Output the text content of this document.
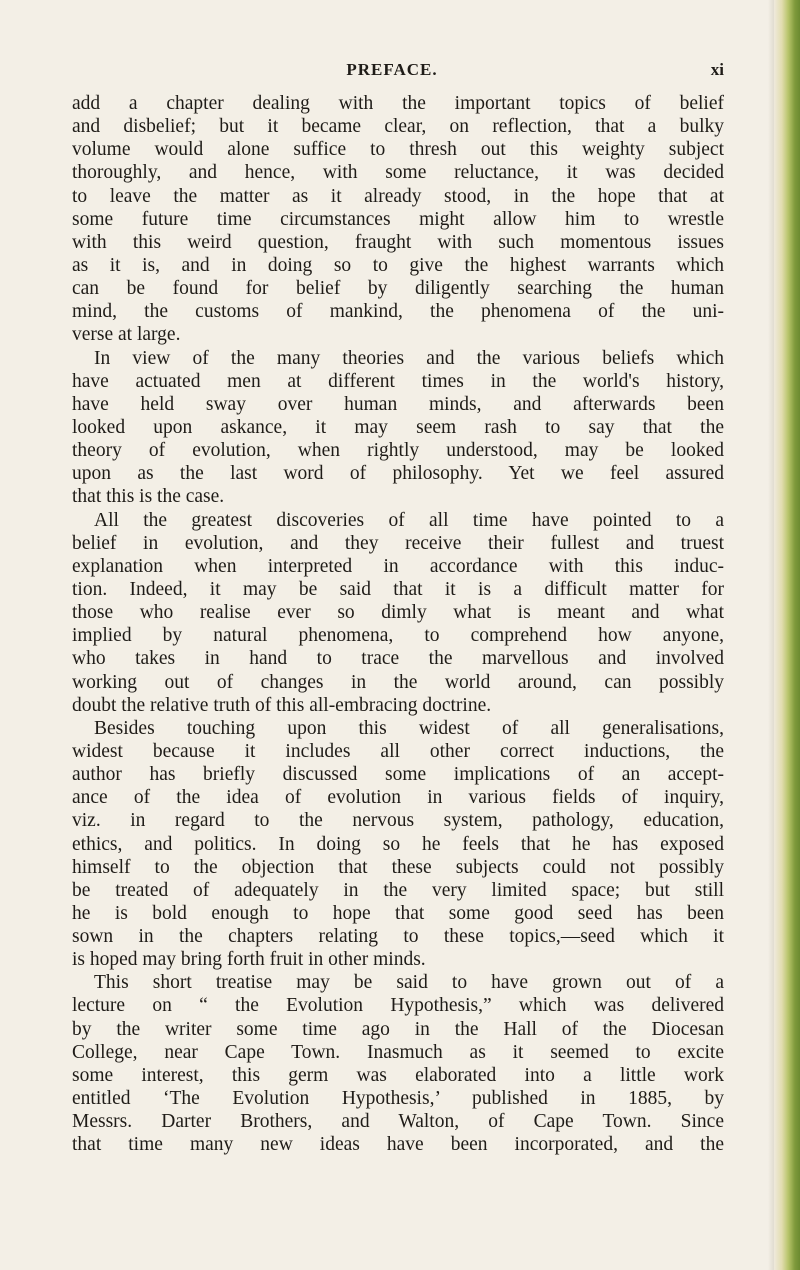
PREFACE.	xi
add a chapter dealing with the important topics of belief
and disbelief; but it became clear, on reflection, that a bulky
volume would alone suffice to thresh out this weighty subject
thoroughly, and hence, with some reluctance, it was decided
to leave the matter as it already stood, in the hope that at
some future time circumstances might allow him to wrestle
with this weird question, fraught with such momentous issues
as it is, and in doing so to give the highest warrants which
can be found for belief by diligently searching the human
mind, the customs of mankind, the phenomena of the uni-
verse at large.
In view of the many theories and the various beliefs which
have actuated men at different times in the world's history,
have held sway over human minds, and afterwards been
looked upon askance, it may seem rash to say that the
theory of evolution, when rightly understood, may be looked
upon as the last word of philosophy. Yet we feel assured
that this is the case.
All the greatest discoveries of all time have pointed to a
belief in evolution, and they receive their fullest and truest
explanation when interpreted in accordance with this induc-
tion. Indeed, it may be said that it is a difficult matter for
those who realise ever so dimly what is meant and what
implied by natural phenomena, to comprehend how anyone,
who takes in hand to trace the marvellous and involved
working out of changes in the world around, can possibly
doubt the relative truth of this all-embracing doctrine.
Besides touching upon this widest of all generalisations,
widest because it includes all other correct inductions, the
author has briefly discussed some implications of an accept-
ance of the idea of evolution in various fields of inquiry,
viz. in regard to the nervous system, pathology, education,
ethics, and politics. In doing so he feels that he has exposed
himself to the objection that these subjects could not possibly
be treated of adequately in the very limited space; but still
he is bold enough to hope that some good seed has been
sown in the chapters relating to these topics,—seed which it
is hoped may bring forth fruit in other minds.
This short treatise may be said to have grown out of a
lecture on “ the Evolution Hypothesis,” which was delivered
by the writer some time ago in the Hall of the Diocesan
College, near Cape Town. Inasmuch as it seemed to excite
some interest, this germ was elaborated into a little work
entitled ‘The Evolution Hypothesis,’ published in 1885, by
Messrs. Darter Brothers, and Walton, of Cape Town. Since
that time many new ideas have been incorporated, and the
